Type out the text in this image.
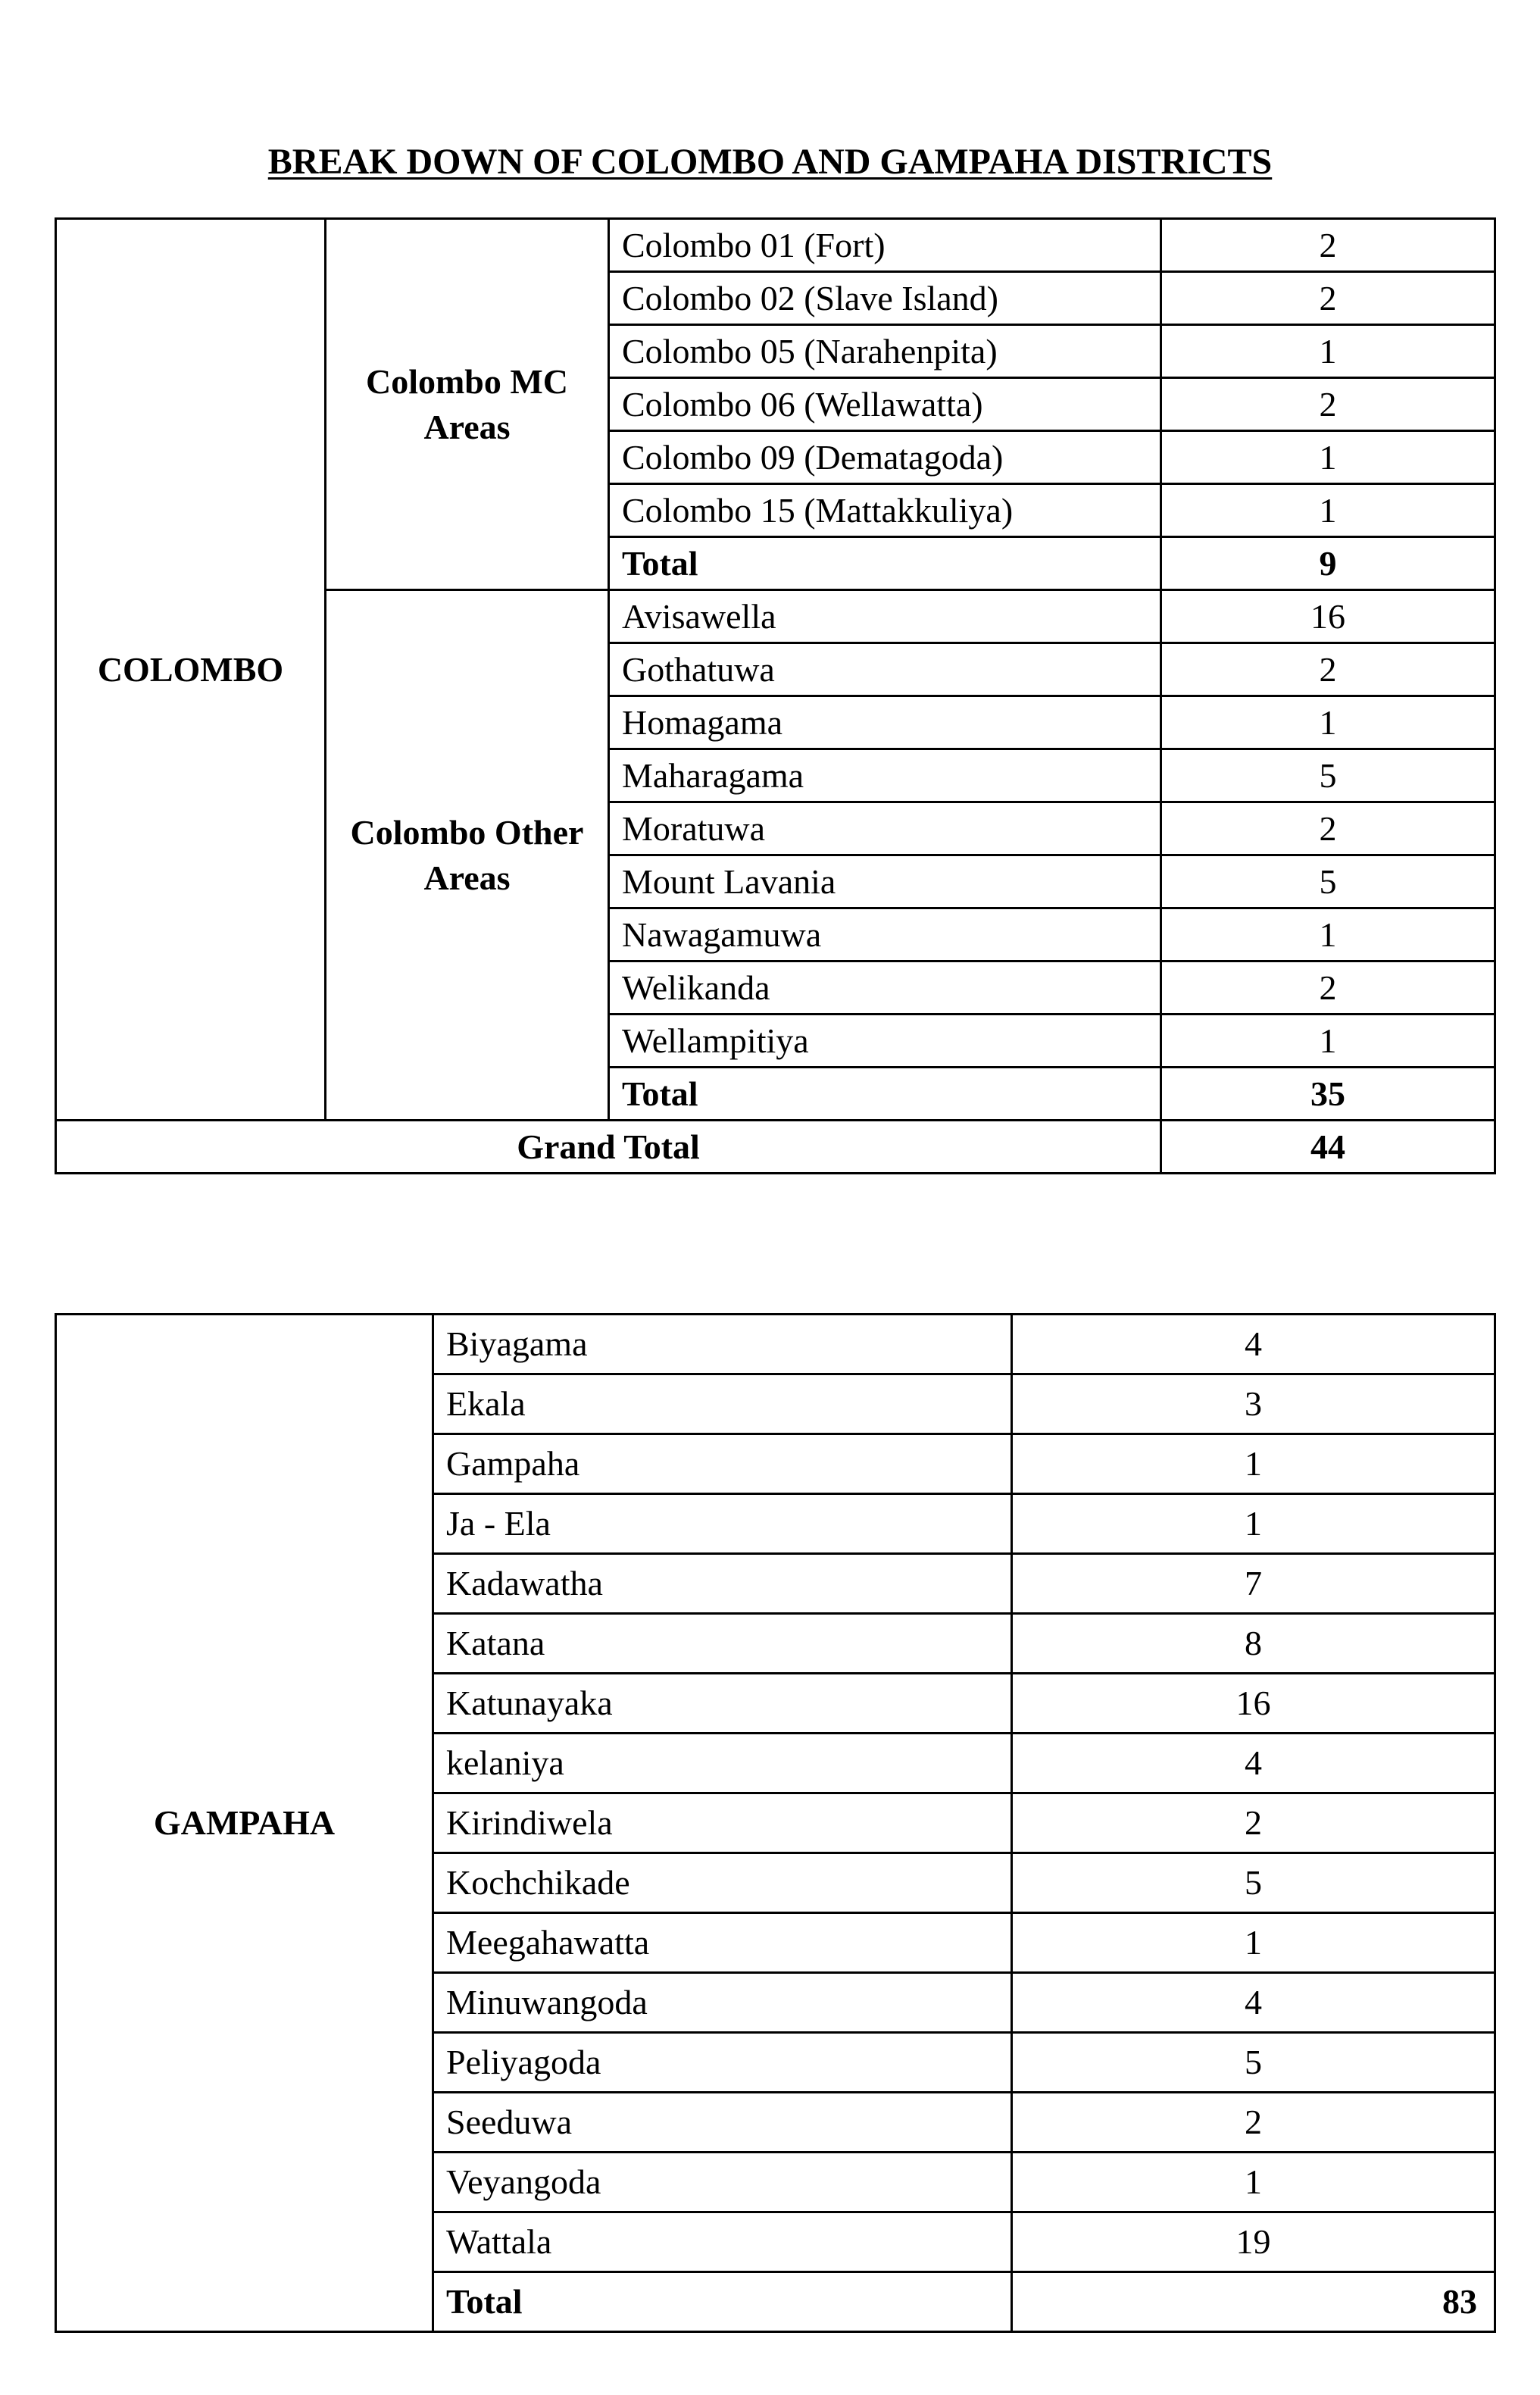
BREAK DOWN OF COLOMBO AND GAMPAHA DISTRICTS
COLOMBO	Colombo MC Areas	Colombo 01 (Fort)	2
		Colombo 02 (Slave Island)	2
		Colombo 05 (Narahenpita)	1
		Colombo 06 (Wellawatta)	2
		Colombo 09 (Dematagoda)	1
		Colombo 15 (Mattakkuliya)	1
		Total	9
	Colombo Other Areas	Avisawella	16
		Gothatuwa	2
		Homagama	1
		Maharagama	5
		Moratuwa	2
		Mount Lavania	5
		Nawagamuwa	1
		Welikanda	2
		Wellampitiya	1
		Total	35
Grand Total			44
GAMPAHA	Biyagama	4
	Ekala	3
	Gampaha	1
	Ja - Ela	1
	Kadawatha	7
	Katana	8
	Katunayaka	16
	kelaniya	4
	Kirindiwela	2
	Kochchikade	5
	Meegahawatta	1
	Minuwangoda	4
	Peliyagoda	5
	Seeduwa	2
	Veyangoda	1
	Wattala	19
	Total	83
